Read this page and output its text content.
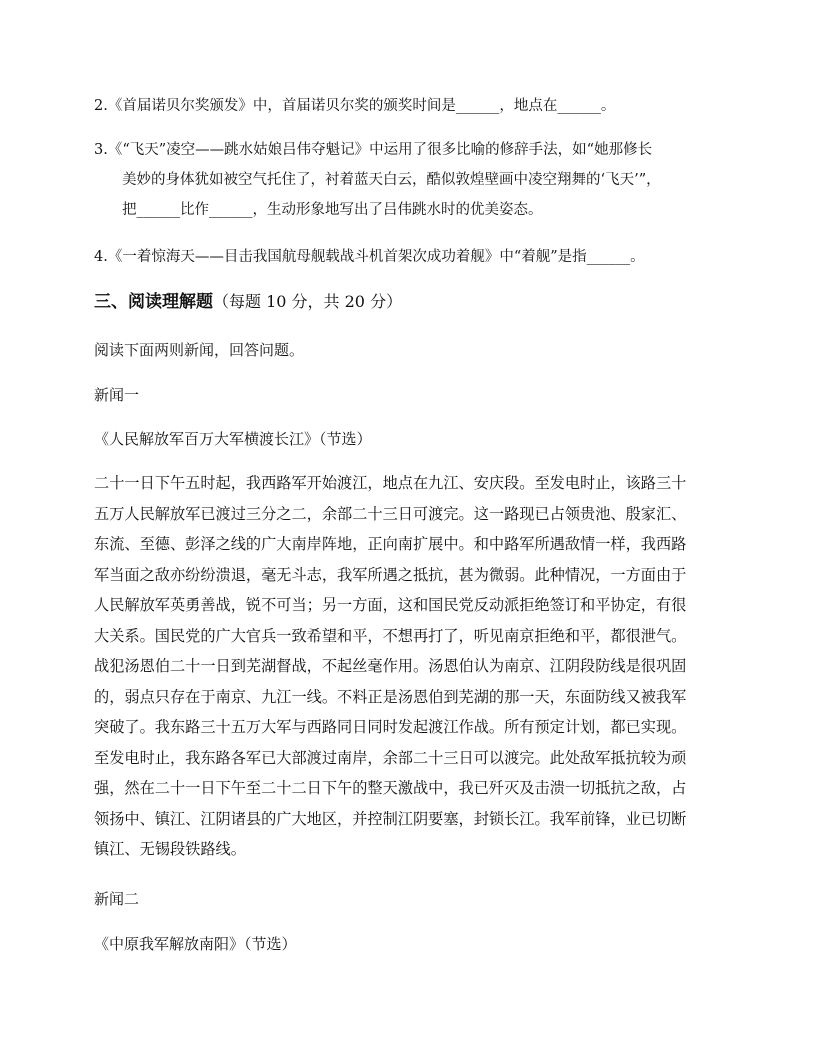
2.《首届诺贝尔奖颁发》中，首届诺贝尔奖的颁奖时间是______，地点在______。
3.《“飞天”凌空——跳水姑娘吕伟夺魁记》中运用了很多比喻的修辞手法，如“她那修长
美妙的身体犹如被空气托住了，衬着蓝天白云，酷似敦煌壁画中凌空翔舞的‘飞天’”，
把______比作______，生动形象地写出了吕伟跳水时的优美姿态。
4.《一着惊海天——目击我国航母舰载战斗机首架次成功着舰》中“着舰”是指______。
三、阅读理解题（每题 10 分，共 20 分）
阅读下面两则新闻，回答问题。
新闻一
《人民解放军百万大军横渡长江》（节选）
二十一日下午五时起，我西路军开始渡江，地点在九江、安庆段。至发电时止，该路三十
五万人民解放军已渡过三分之二，余部二十三日可渡完。这一路现已占领贵池、殷家汇、
东流、至德、彭泽之线的广大南岸阵地，正向南扩展中。和中路军所遇敌情一样，我西路
军当面之敌亦纷纷溃退，毫无斗志，我军所遇之抵抗，甚为微弱。此种情况，一方面由于
人民解放军英勇善战，锐不可当；另一方面，这和国民党反动派拒绝签订和平协定，有很
大关系。国民党的广大官兵一致希望和平，不想再打了，听见南京拒绝和平，都很泄气。
战犯汤恩伯二十一日到芜湖督战，不起丝毫作用。汤恩伯认为南京、江阴段防线是很巩固
的，弱点只存在于南京、九江一线。不料正是汤恩伯到芜湖的那一天，东面防线又被我军
突破了。我东路三十五万大军与西路同日同时发起渡江作战。所有预定计划，都已实现。
至发电时止，我东路各军已大部渡过南岸，余部二十三日可以渡完。此处敌军抵抗较为顽
强，然在二十一日下午至二十二日下午的整天激战中，我已歼灭及击溃一切抵抗之敌，占
领扬中、镇江、江阴诸县的广大地区，并控制江阴要塞，封锁长江。我军前锋，业已切断
镇江、无锡段铁路线。
新闻二
《中原我军解放南阳》（节选）
